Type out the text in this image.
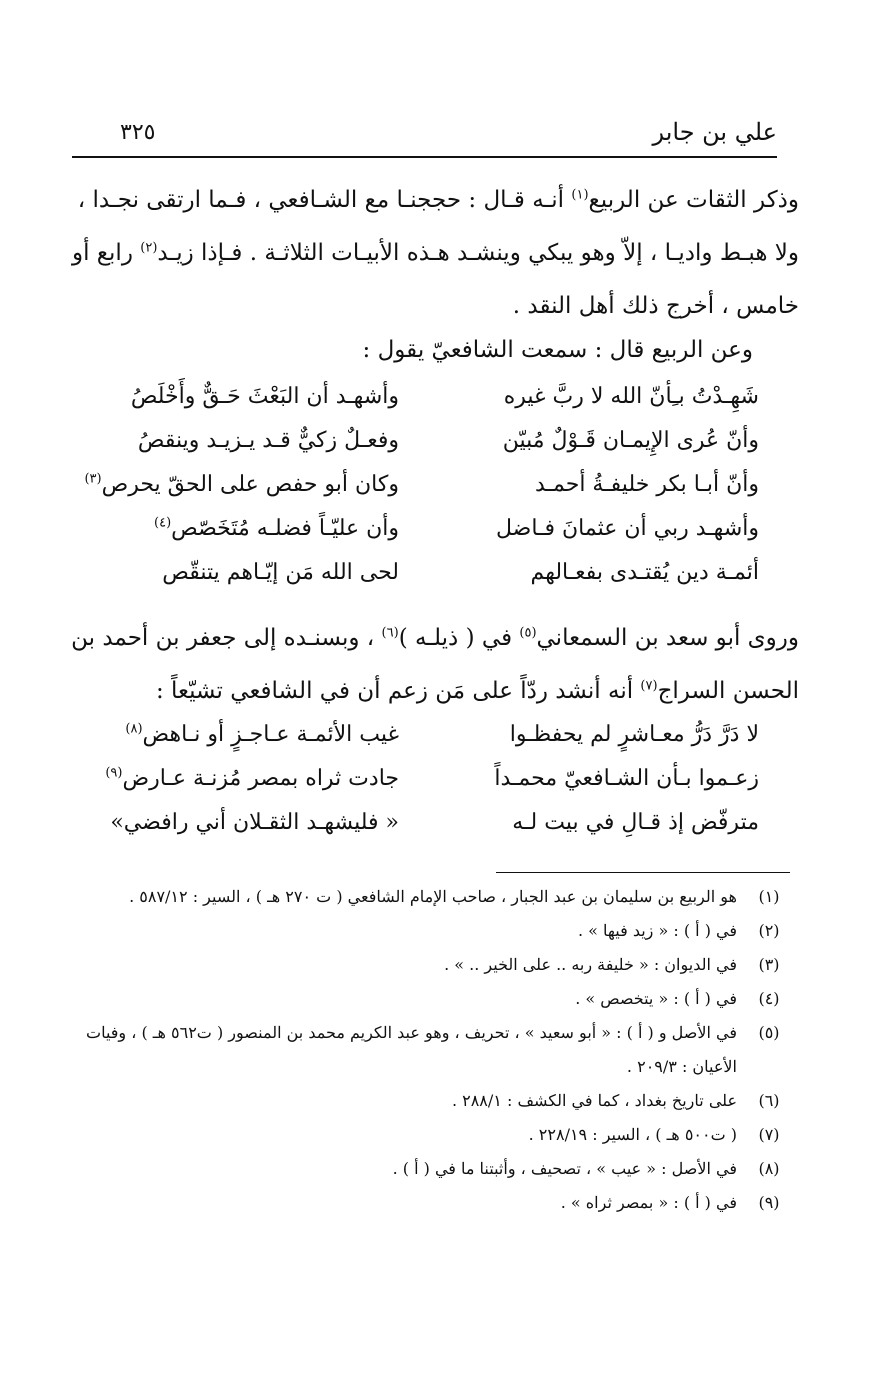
علي بن جابر
٣٢٥
وذكر الثقات عن الربيع$^{(١)}$ أنـه قـال : حججنـا مع الشـافعي ، فـما ارتقى نجـدا ،
ولا هبـط واديـا ، إلاّ وهو يبكي وينشـد هـذه الأبيـات الثلاثـة . فـإذا زيـد$^{(٢)}$ رابع أو
خامس ، أخرج ذلك أهل النقد .
وعن الربيع قال : سمعت الشافعيّ يقول :
شَهِـدْتُ بـِأنّ الله لا ربَّ غيره
وأشهـد أن البَعْثَ حَـقٌّ وأَخْلَصُ
وأنّ عُرى الإِيمـان قَـوْلٌ مُبيّن
وفعـلٌ زكيٌّ قـد يـزيـد وينقصُ
وأنّ أبـا بكر خليفـةُ أحمـد
وكان أبو حفص على الحقّ يحرص$^{(٣)}$
وأشهـد ربي أن عثمانَ فـاضل
وأن عليّـاً فضلـه مُتَخَصّص$^{(٤)}$
أئمـة دين يُقتـدى بفعـالهم
لحى الله مَن إيّـاهم يتنقّص
وروى أبو سعد بن السمعاني$^{(٥)}$ في ( ذيلـه )$^{(٦)}$ ، وبسنـده إلى جعفر بن أحمد بن
الحسن السراج$^{(٧)}$ أنه أنشد ردّاً على مَن زعم أن في الشافعي تشيّعاً :
لا دَرَّ دَرُّ معـاشرٍ لم يحفظـوا
غيب الأئمـة عـاجـزٍ أو نـاهض$^{(٨)}$
زعـموا بـأن الشـافعيّ محمـداً
جادت ثراه بمصر مُزنـة عـارض$^{(٩)}$
مترفّض إذ قـالِ في بيت لـه
« فليشهـد الثقـلان أني رافضي»
(١)
هو الربيع بن سليمان بن عبد الجبار ، صاحب الإمام الشافعي ( ت ٢٧٠ هـ ) ، السير : ٥٨٧/١٢ .
(٢)
في ( أ ) : « زيد فيها » .
(٣)
في الديوان : « خليفة ربه .. على الخير .. » .
(٤)
في ( أ ) : « يتخصص » .
(٥)
في الأصل و ( أ ) : « أبو سعيد » ، تحريف ، وهو عبد الكريم محمد بن المنصور ( ت٥٦٢ هـ ) ، وفيات الأعيان : ٢٠٩/٣ .
(٦)
على تاريخ بغداد ، كما في الكشف : ٢٨٨/١ .
(٧)
( ت٥٠٠ هـ ) ، السير : ٢٢٨/١٩ .
(٨)
في الأصل : « عيب » ، تصحيف ، وأثبتنا ما في ( أ ) .
(٩)
في ( أ ) : « بمصر ثراه » .
